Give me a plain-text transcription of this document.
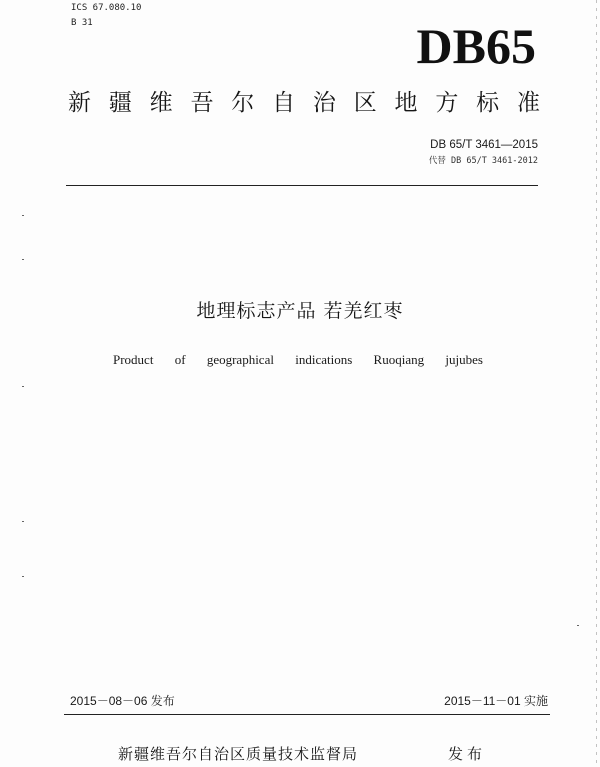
ICS 67.080.10
B 31	DB65
新 疆 维 吾 尔 自 治 区 地 方 标 准
DB 65/T 3461—2015
代替 DB 65/T 3461-2012
地理标志产品 若羌红枣
Product of geographical indications Ruoqiang jujubes
2015－08－06 发布	2015－11－01 实施
新疆维吾尔自治区质量技术监督局	发布
